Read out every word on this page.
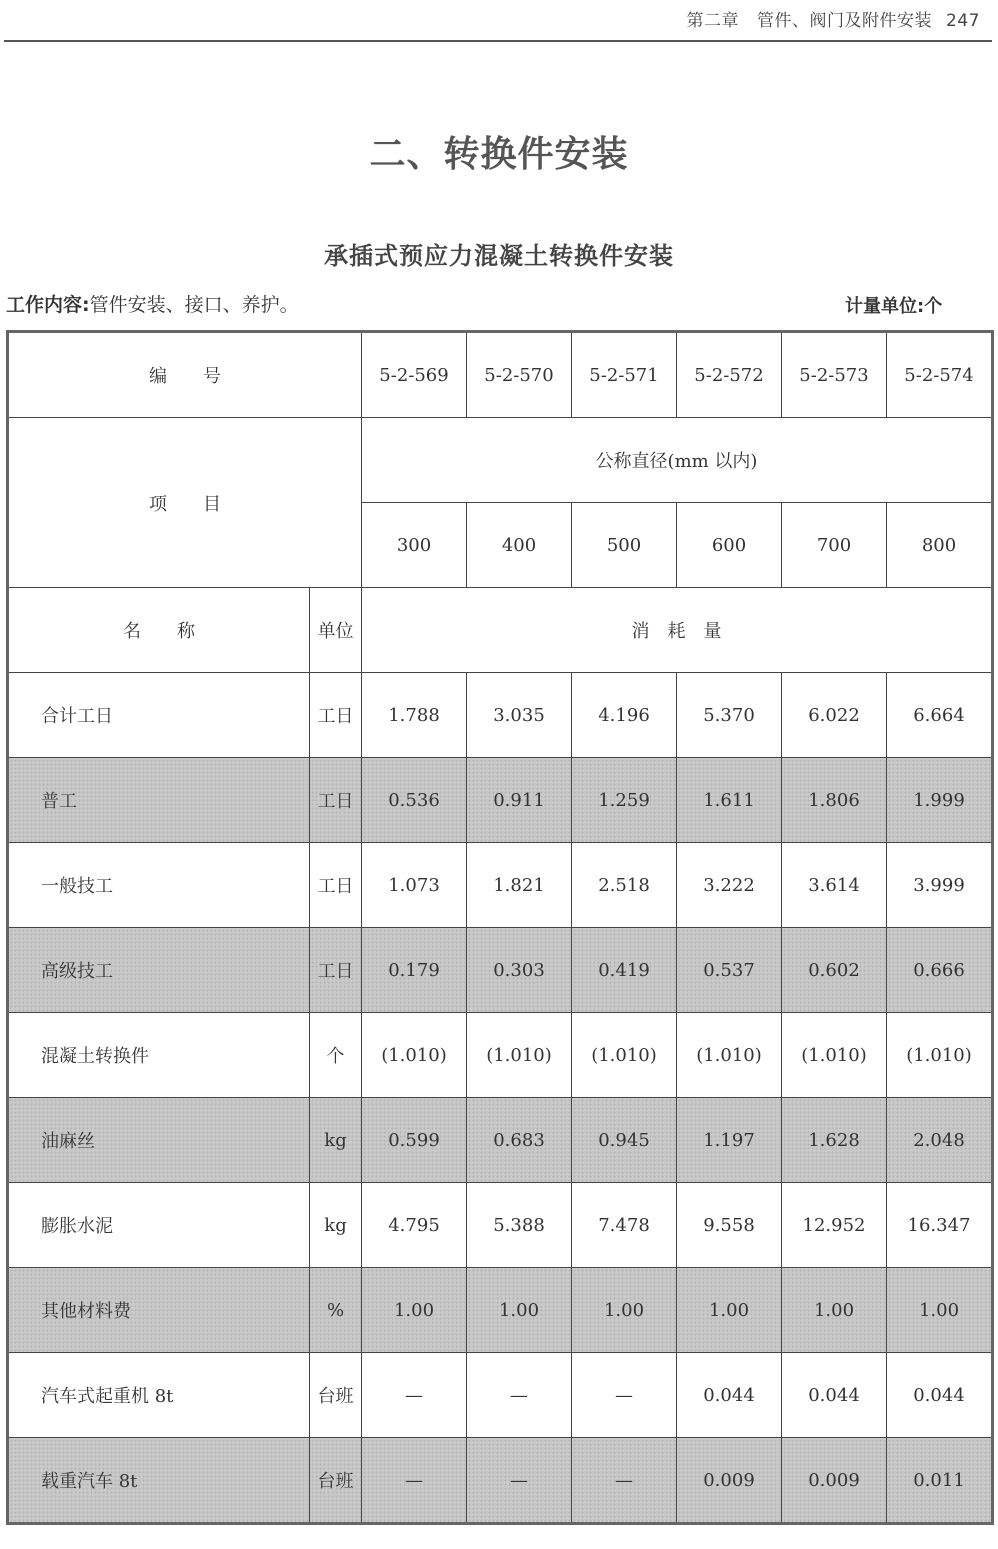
第二章 管件、阀门及附件安装 247
二、转换件安装
承插式预应力混凝土转换件安装
工作内容:管件安装、接口、养护。	计量单位:个
编　　号		5-2-569	5-2-570	5-2-571	5-2-572	5-2-573	5-2-574
项　　目		公称直径(mm 以内)					
		300	400	500	600	700	800
名　　称	单位	消　耗　量					
合计工日	工日	1.788	3.035	4.196	5.370	6.022	6.664
普工	工日	0.536	0.911	1.259	1.611	1.806	1.999
一般技工	工日	1.073	1.821	2.518	3.222	3.614	3.999
高级技工	工日	0.179	0.303	0.419	0.537	0.602	0.666
混凝土转换件	个	(1.010)	(1.010)	(1.010)	(1.010)	(1.010)	(1.010)
油麻丝	kg	0.599	0.683	0.945	1.197	1.628	2.048
膨胀水泥	kg	4.795	5.388	7.478	9.558	12.952	16.347
其他材料费	%	1.00	1.00	1.00	1.00	1.00	1.00
汽车式起重机 8t	台班	—	—	—	0.044	0.044	0.044
载重汽车 8t	台班	—	—	—	0.009	0.009	0.011
